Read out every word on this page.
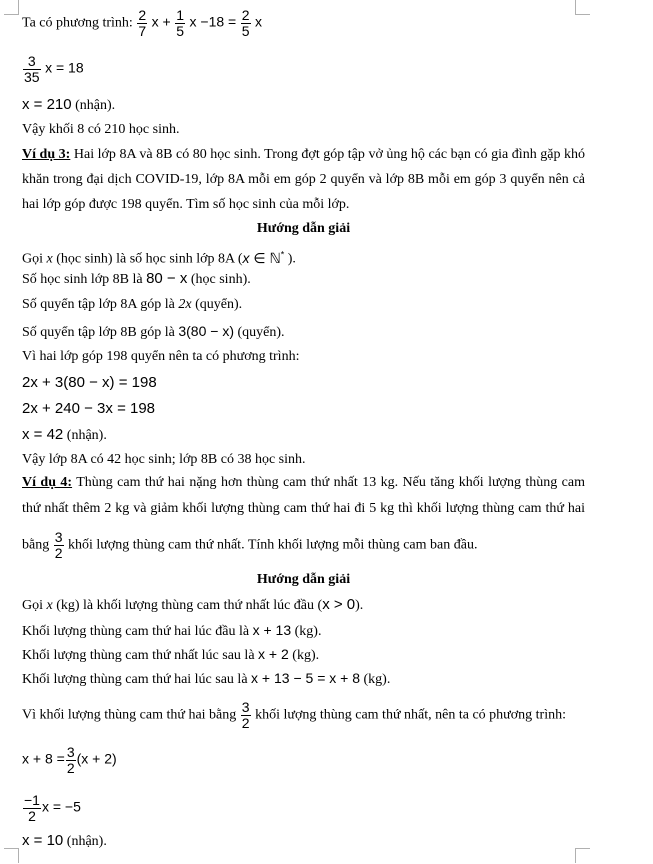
Ta có phương trình: $\frac{2}{7}$ $x + \frac{1}{5}$ $x -18 = \frac{2}{5}$ x
$\frac{3}{35}$ x = 18
x = 210 (nhận).
Vậy khối 8 có 210 học sinh.
Ví dụ 3: Hai lớp 8A và 8B có 80 học sinh. Trong đợt góp tập vở ủng hộ các bạn có gia đình gặp khó
khăn trong đại dịch COVID-19, lớp 8A mỗi em góp 2 quyển và lớp 8B mỗi em góp 3 quyển nên cả
hai lớp góp được 198 quyển. Tìm số học sinh của mỗi lớp.
Hướng dẫn giải
Gọi x (học sinh) là số học sinh lớp 8A (x ∈ ℕ* ).
Số học sinh lớp 8B là 80 − x (học sinh).
Số quyển tập lớp 8A góp là 2x (quyển).
Số quyển tập lớp 8B góp là 3(80 − x) (quyển).
Vì hai lớp góp 198 quyển nên ta có phương trình:
2x + 3(80 − x) = 198
2x + 240 − 3x = 198
x = 42 (nhận).
Vậy lớp 8A có 42 học sinh; lớp 8B có 38 học sinh.
Ví dụ 4: Thùng cam thứ hai nặng hơn thùng cam thứ nhất 13 kg. Nếu tăng khối lượng thùng cam
thứ nhất thêm 2 kg và giảm khối lượng thùng cam thứ hai đi 5 kg thì khối lượng thùng cam thứ hai
bằng $\frac{3}{2}$ khối lượng thùng cam thứ nhất. Tính khối lượng mỗi thùng cam ban đầu.
Hướng dẫn giải
Gọi x (kg) là khối lượng thùng cam thứ nhất lúc đầu (x > 0).
Khối lượng thùng cam thứ hai lúc đầu là x + 13 (kg).
Khối lượng thùng cam thứ nhất lúc sau là x + 2 (kg).
Khối lượng thùng cam thứ hai lúc sau là x + 13 − 5 = x + 8 (kg).
Vì khối lượng thùng cam thứ hai bằng $\frac{3}{2}$ khối lượng thùng cam thứ nhất, nên ta có phương trình:
$x + 8 = \frac{3}{2} (x + 2)$
$\frac{-1}{2}$ x = −5
x = 10 (nhận).
